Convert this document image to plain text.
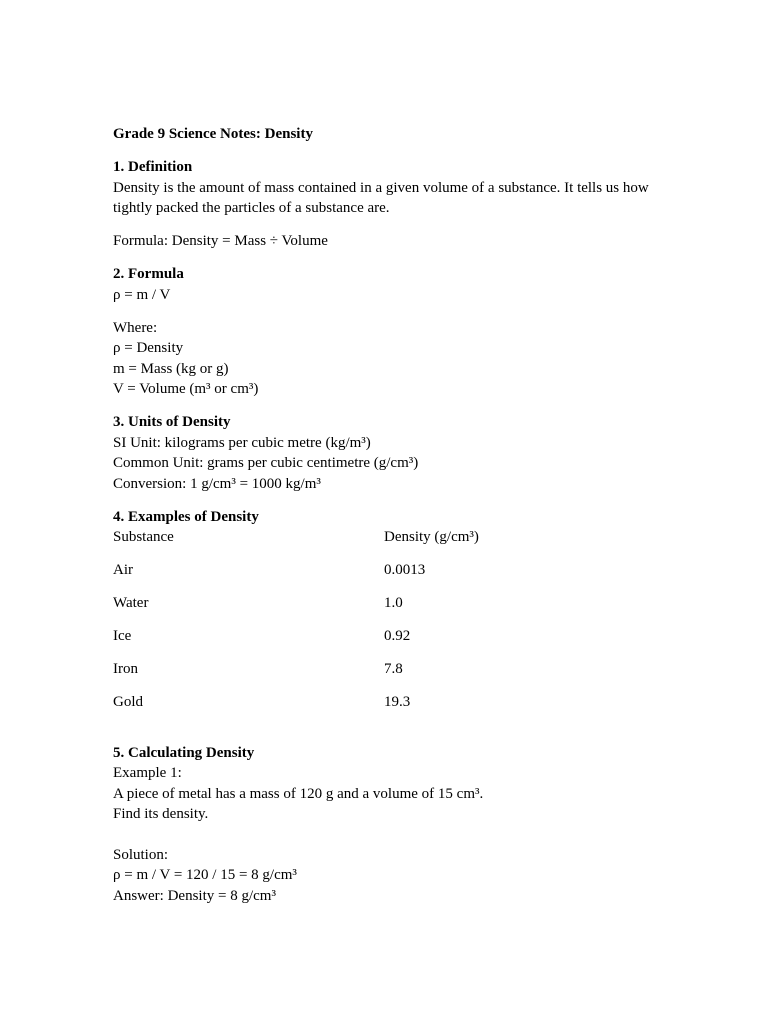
Grade 9 Science Notes: Density
1. Definition
Density is the amount of mass contained in a given volume of a substance. It tells us how tightly packed the particles of a substance are.
Formula: Density = Mass ÷ Volume
2. Formula
ρ = m / V
Where:
ρ = Density
m = Mass (kg or g)
V = Volume (m³ or cm³)
3. Units of Density
SI Unit: kilograms per cubic metre (kg/m³)
Common Unit: grams per cubic centimetre (g/cm³)
Conversion: 1 g/cm³ = 1000 kg/m³
4. Examples of Density
Substance	Density (g/cm³)
Air	0.0013
Water	1.0
Ice	0.92
Iron	7.8
Gold	19.3
5. Calculating Density
Example 1:
A piece of metal has a mass of 120 g and a volume of 15 cm³.
Find its density.
Solution:
ρ = m / V = 120 / 15 = 8 g/cm³
Answer: Density = 8 g/cm³
